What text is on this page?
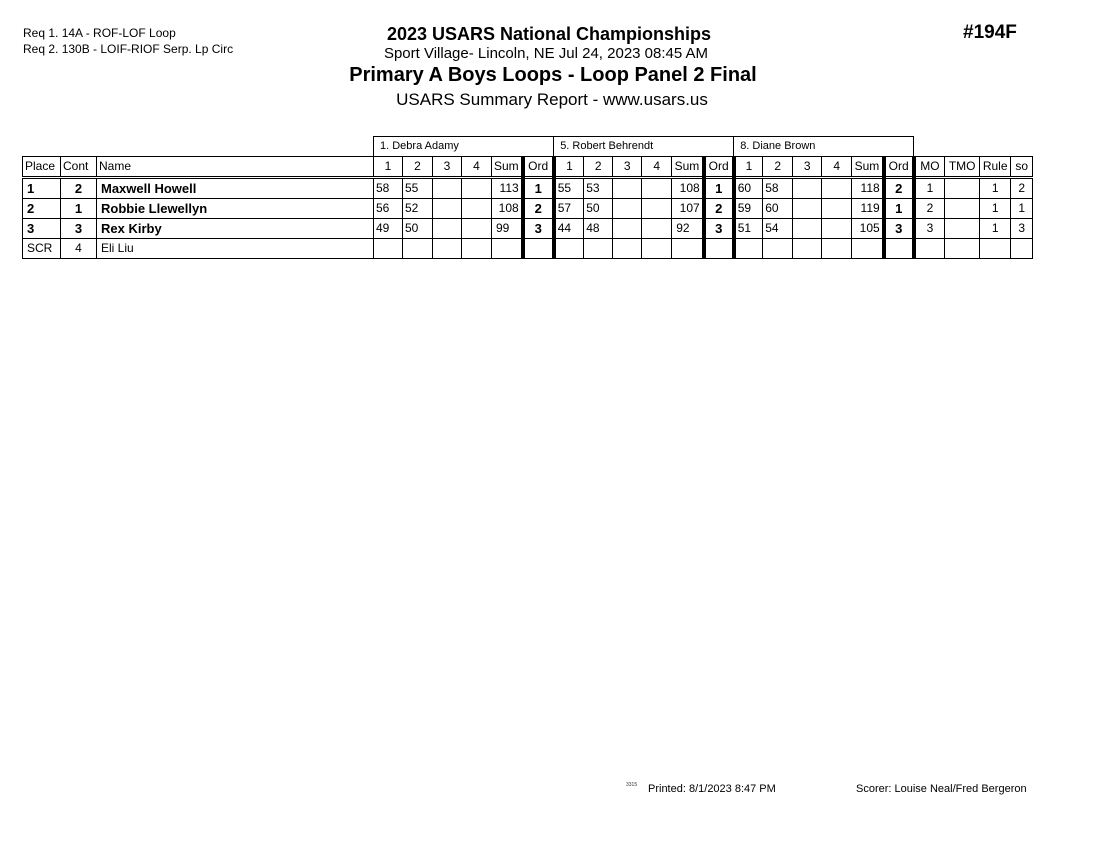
Req 1. 14A - ROF-LOF Loop
Req 2. 130B - LOIF-RIOF Serp. Lp Circ
2023 USARS National Championships
Sport Village- Lincoln, NE Jul 24, 2023 08:45 AM
Primary A Boys Loops - Loop Panel 2 Final
USARS Summary Report - www.usars.us
#194F
			1. Debra Adamy						5. Robert Behrendt						8. Diane Brown									
Place	Cont	Name	1	2	3	4	Sum	Ord	1	2	3	4	Sum	Ord	1	2	3	4	Sum	Ord	MO	TMO	Rule	so
1	2	Maxwell Howell	58	55			113	1	55	53			108	1	60	58			118	2	1		1	2
2	1	Robbie Llewellyn	56	52			108	2	57	50			107	2	59	60			119	1	2		1	1
3	3	Rex Kirby	49	50			99	3	44	48			92	3	51	54			105	3	3		1	3
SCR	4	Eli Liu																						
3315 Printed: 8/1/2023 8:47 PM	Scorer: Louise Neal/Fred Bergeron
